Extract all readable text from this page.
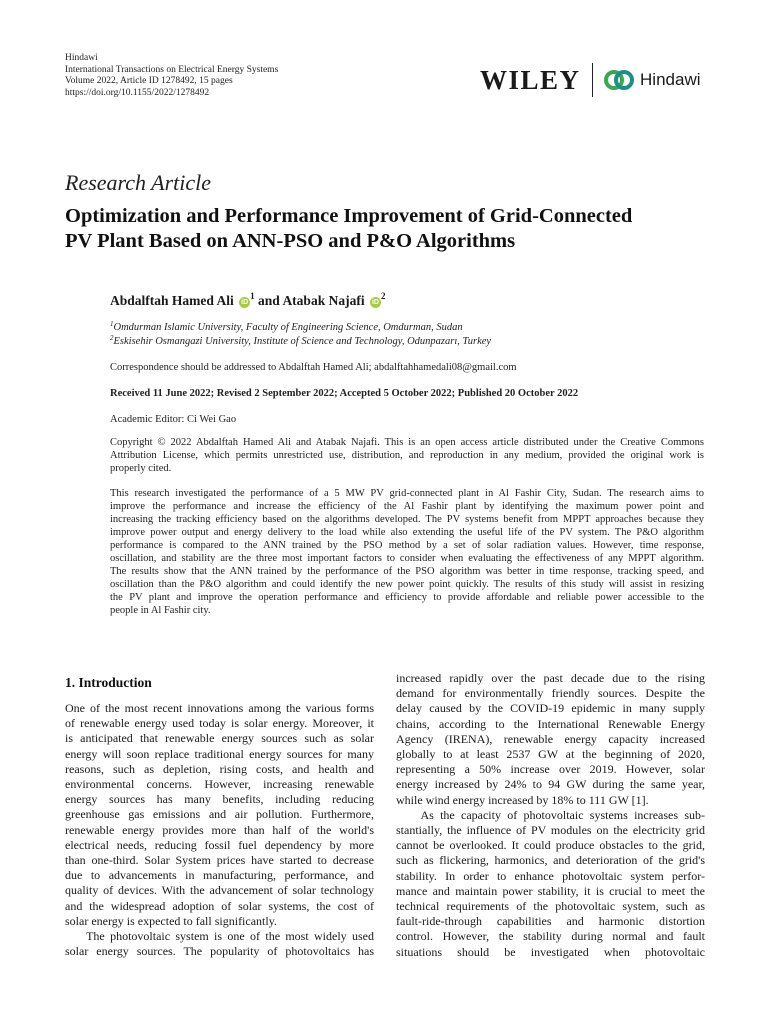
Hindawi
International Transactions on Electrical Energy Systems
Volume 2022, Article ID 1278492, 15 pages
https://doi.org/10.1155/2022/1278492	WILEY	Hindawi
Research Article
Optimization and Performance Improvement of Grid-Connected
PV Plant Based on ANN-PSO and P&O Algorithms
Abdalftah Hamed Ali $iD^1$ and Atabak Najafi $iD^2$
$^1$Omdurman Islamic University, Faculty of Engineering Science, Omdurman, Sudan
$^2$Eskisehir Osmangazi University, Institute of Science and Technology, Odunpazarı, Turkey
Correspondence should be addressed to Abdalftah Hamed Ali; abdalftahhamedali08@gmail.com
Received 11 June 2022; Revised 2 September 2022; Accepted 5 October 2022; Published 20 October 2022
Academic Editor: Ci Wei Gao
Copyright © 2022 Abdalftah Hamed Ali and Atabak Najafi. This is an open access article distributed under the Creative Commons
Attribution License, which permits unrestricted use, distribution, and reproduction in any medium, provided the original work is
properly cited.
This research investigated the performance of a 5 MW PV grid-connected plant in Al Fashir City, Sudan. The research aims to
improve the performance and increase the efficiency of the Al Fashir plant by identifying the maximum power point and
increasing the tracking efficiency based on the algorithms developed. The PV systems benefit from MPPT approaches because they
improve power output and energy delivery to the load while also extending the useful life of the PV system. The P&O algorithm
performance is compared to the ANN trained by the PSO method by a set of solar radiation values. However, time response,
oscillation, and stability are the three most important factors to consider when evaluating the effectiveness of any MPPT algorithm.
The results show that the ANN trained by the performance of the PSO algorithm was better in time response, tracking speed, and
oscillation than the P&O algorithm and could identify the new power point quickly. The results of this study will assist in resizing
the PV plant and improve the operation performance and efficiency to provide affordable and reliable power accessible to the
people in Al Fashir city.
1. Introduction
One of the most recent innovations among the various forms
of renewable energy used today is solar energy. Moreover, it
is anticipated that renewable energy sources such as solar
energy will soon replace traditional energy sources for many
reasons, such as depletion, rising costs, and health and
environmental concerns. However, increasing renewable
energy sources has many benefits, including reducing
greenhouse gas emissions and air pollution. Furthermore,
renewable energy provides more than half of the world's
electrical needs, reducing fossil fuel dependency by more
than one-third. Solar System prices have started to decrease
due to advancements in manufacturing, performance, and
quality of devices. With the advancement of solar technology
and the widespread adoption of solar systems, the cost of
solar energy is expected to fall significantly.
The photovoltaic system is one of the most widely used
solar energy sources. The popularity of photovoltaics has
increased rapidly over the past decade due to the rising
demand for environmentally friendly sources. Despite the
delay caused by the COVID-19 epidemic in many supply
chains, according to the International Renewable Energy
Agency (IRENA), renewable energy capacity increased
globally to at least 2537 GW at the beginning of 2020,
representing a 50% increase over 2019. However, solar
energy increased by 24% to 94 GW during the same year,
while wind energy increased by 18% to 111 GW [1].
As the capacity of photovoltaic systems increases sub-
stantially, the influence of PV modules on the electricity grid
cannot be overlooked. It could produce obstacles to the grid,
such as flickering, harmonics, and deterioration of the grid's
stability. In order to enhance photovoltaic system perfor-
mance and maintain power stability, it is crucial to meet the
technical requirements of the photovoltaic system, such as
fault-ride-through capabilities and harmonic distortion
control. However, the stability during normal and fault
situations should be investigated when photovoltaic
